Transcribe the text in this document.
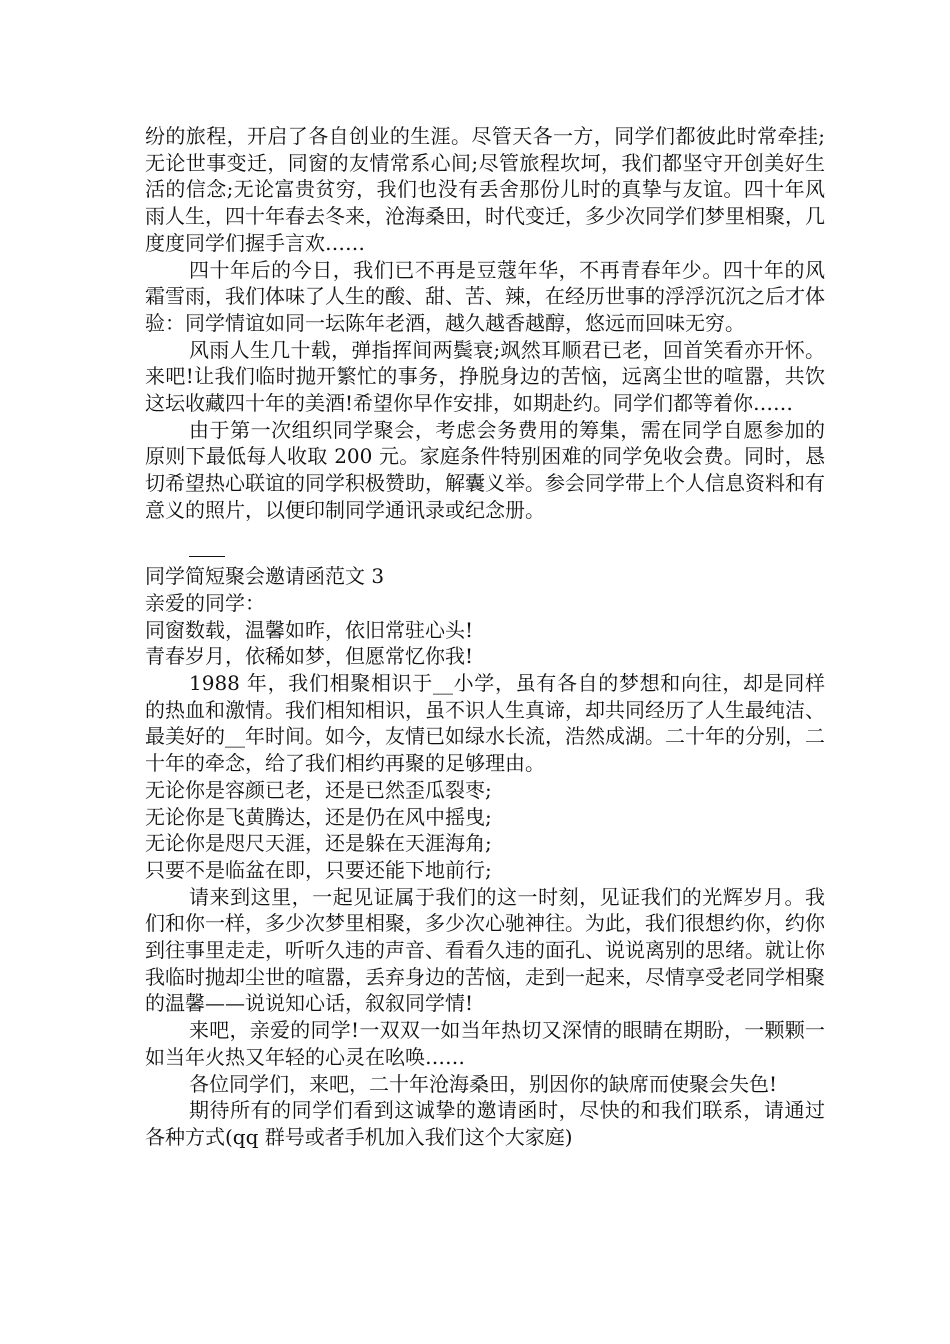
纷的旅程，开启了各自创业的生涯。尽管天各一方，同学们都彼此时常牵挂;无论世事变迁，同窗的友情常系心间;尽管旅程坎坷，我们都坚守开创美好生活的信念;无论富贵贫穷，我们也没有丢舍那份儿时的真挚与友谊。四十年风雨人生，四十年春去冬来，沧海桑田，时代变迁，多少次同学们梦里相聚，几度度同学们握手言欢……

四十年后的今日，我们已不再是豆蔻年华，不再青春年少。四十年的风霜雪雨，我们体味了人生的酸、甜、苦、辣，在经历世事的浮浮沉沉之后才体验：同学情谊如同一坛陈年老酒，越久越香越醇，悠远而回味无穷。

风雨人生几十载，弹指挥间两鬓衰;飒然耳顺君已老，回首笑看亦开怀。来吧!让我们临时抛开繁忙的事务，挣脱身边的苦恼，远离尘世的喧嚣，共饮这坛收藏四十年的美酒!希望你早作安排，如期赴约。同学们都等着你……

由于第一次组织同学聚会，考虑会务费用的筹集，需在同学自愿参加的原则下最低每人收取 200 元。家庭条件特别困难的同学免收会费。同时，恳切希望热心联谊的同学积极赞助，解囊义举。参会同学带上个人信息资料和有意义的照片，以便印制同学通讯录或纪念册。

同学简短聚会邀请函范文 3

亲爱的同学：

同窗数载，温馨如昨，依旧常驻心头!

青春岁月，依稀如梦，但愿常忆你我!

1988 年，我们相聚相识于__小学，虽有各自的梦想和向往，却是同样的热血和激情。我们相知相识，虽不识人生真谛，却共同经历了人生最纯洁、最美好的__年时间。如今，友情已如绿水长流，浩然成湖。二十年的分别，二十年的牵念，给了我们相约再聚的足够理由。

无论你是容颜已老，还是已然歪瓜裂枣;

无论你是飞黄腾达，还是仍在风中摇曳;

无论你是咫尺天涯，还是躲在天涯海角;

只要不是临盆在即，只要还能下地前行;

请来到这里，一起见证属于我们的这一时刻，见证我们的光辉岁月。我们和你一样，多少次梦里相聚，多少次心驰神往。为此，我们很想约你，约你到往事里走走，听听久违的声音、看看久违的面孔、说说离别的思绪。就让你我临时抛却尘世的喧嚣，丢弃身边的苦恼，走到一起来，尽情享受老同学相聚的温馨——说说知心话，叙叙同学情!

来吧，亲爱的同学!一双双一如当年热切又深情的眼睛在期盼，一颗颗一如当年火热又年轻的心灵在吆唤……

各位同学们，来吧，二十年沧海桑田，别因你的缺席而使聚会失色!

期待所有的同学们看到这诚挚的邀请函时，尽快的和我们联系，请通过各种方式(qq 群号或者手机加入我们这个大家庭)
